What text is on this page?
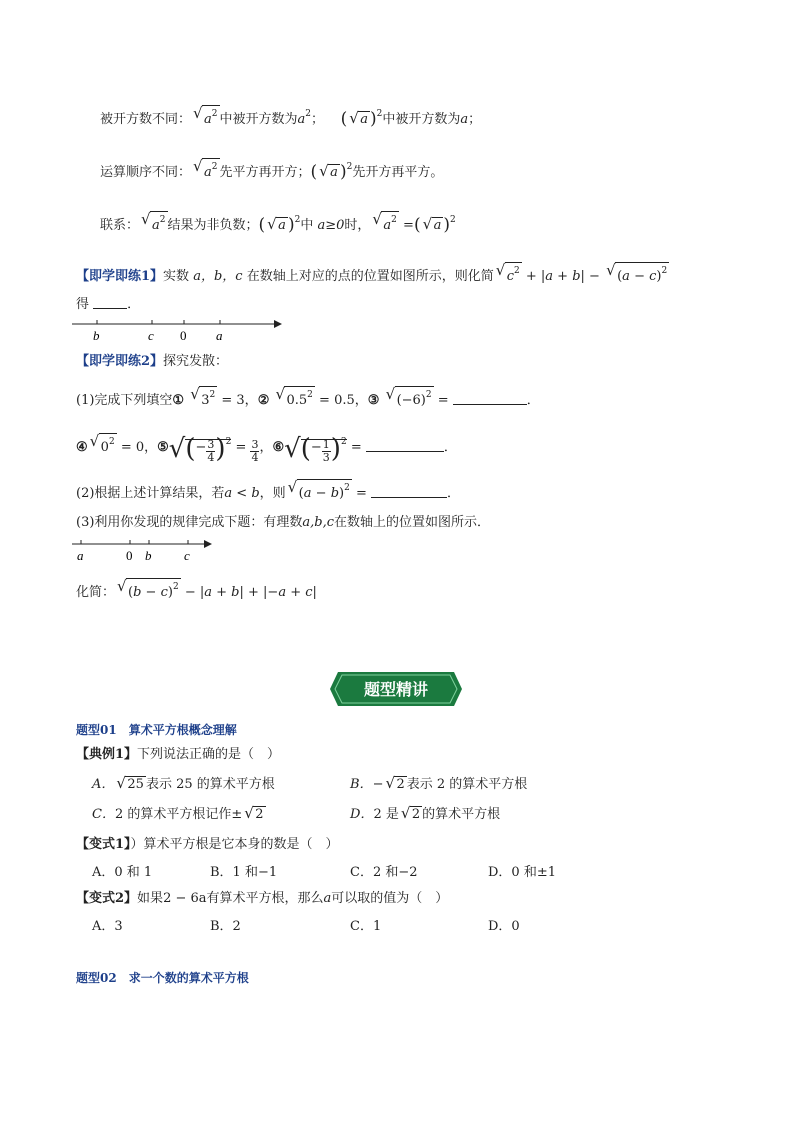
被开方数不同： √ $a^2$ 中被开方数为$a^2$；    ( √ a )$^2$中被开方数为a；
运算顺序不同： √ $a^2$ 先平方再开方；( √ a )$^2$先开方再平方。
联系： √ $a^2$ 结果为非负数；( √ a )$^2$中 a≥0时， √ $a^2$ =( √ a )$^2$
【即学即练1】实数 a，b，c 在数轴上对应的点的位置如图所示，则化简 √ $c^2 + |a + b|$ − √ $(a - c)^2$
得	．
b	c 0 a
【即学即练2】探究发散：
(1)完成下列填空① √ $3^2 = 3$，② √ $0.5^2 = 0.5$，③ √ $(-6)^2$ =	．
④ √ $0^2 = 0$，⑤√(− $\frac{3}{4} )^2 = \frac{3}{4}$ ，⑥√(− $\frac{1}{3} )^2$ =	．
(2)根据上述计算结果，若a < b，则 √ $(a - b)^2$ =	．
(3)利用你发现的规律完成下题：有理数a,b,c在数轴上的位置如图所示．
a	0 b	c
化简： √ $(b - c)^2 - |a + b| + |-a + c|$
题型精讲
题型01　算术平方根概念理解
【典例1】下列说法正确的是（　）
A． √ 25 表示 25 的算术平方根	B．− √ 2 表示 2 的算术平方根
C．2 的算术平方根记作± √ 2	D．2 是 √ 2 的算术平方根
【变式1】）算术平方根是它本身的数是（　）
A．0 和 1	B．1 和−1	C．2 和−2	D．0 和±1
【变式2】如果2 − 6a有算术平方根，那么a可以取的值为（　）
A．3	B．2	C．1	D．0
题型02　求一个数的算术平方根
